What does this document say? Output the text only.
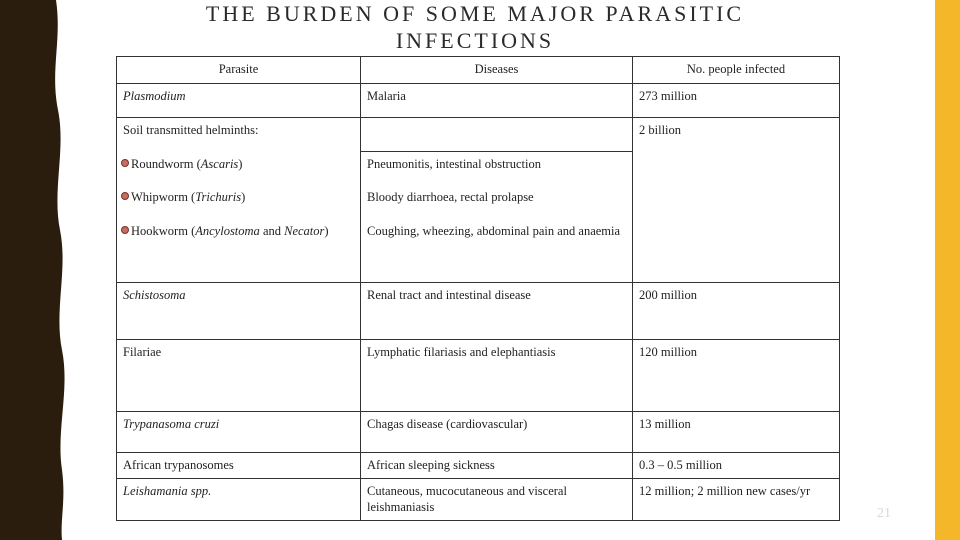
THE BURDEN OF SOME MAJOR PARASITIC
INFECTIONS
Parasite	Diseases	No. people infected
Plasmodium	Malaria	273 million
Soil transmitted helminths:		2 billion

Roundworm (Ascaris)	Pneumonitis, intestinal obstruction	

Whipworm (Trichuris)	Bloody diarrhoea, rectal prolapse	

Hookworm (Ancylostoma and Necator)	Coughing, wheezing, abdominal pain and anaemia	
Schistosoma	Renal tract and intestinal disease	200 million
Filariae	Lymphatic filariasis and elephantiasis	120 million
Trypanasoma cruzi	Chagas disease (cardiovascular)	13 million
African trypanosomes	African sleeping sickness	0.3 – 0.5 million
Leishamania spp.	Cutaneous, mucocutaneous and visceral leishmaniasis	12 million; 2 million new cases/yr
21
